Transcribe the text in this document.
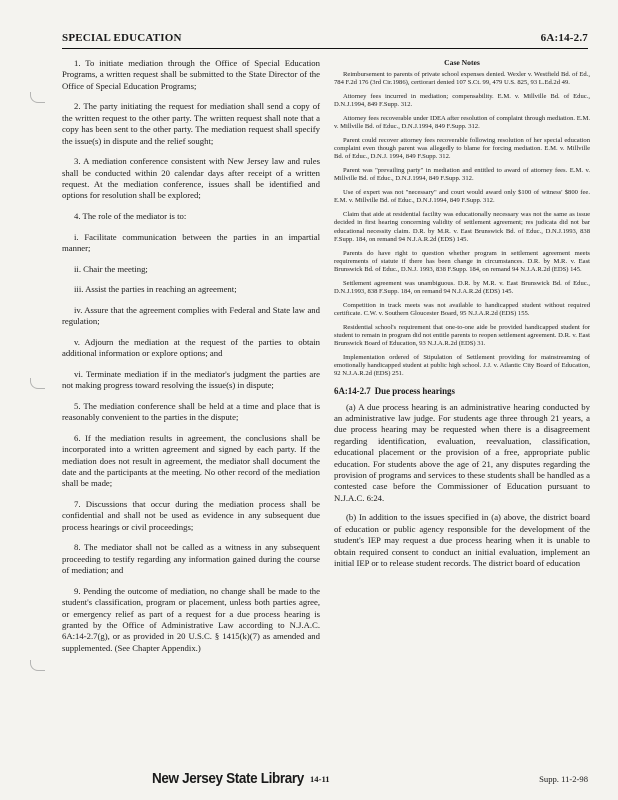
SPECIAL EDUCATION	6A:14-2.7

1. To initiate mediation through the Office of Special Education Programs, a written request shall be submitted to the State Director of the Office of Special Education Programs;

2. The party initiating the request for mediation shall send a copy of the written request to the other party. The written request shall note that a copy has been sent to the other party. The mediation request shall specify the issue(s) in dispute and the relief sought;

3. A mediation conference consistent with New Jersey law and rules shall be conducted within 20 calendar days after receipt of a written request. At the mediation conference, issues shall be identified and options for resolution shall be explored;

4. The role of the mediator is to:

i. Facilitate communication between the parties in an impartial manner;

ii. Chair the meeting;

iii. Assist the parties in reaching an agreement;

iv. Assure that the agreement complies with Federal and State law and regulation;

v. Adjourn the mediation at the request of the parties to obtain additional information or explore options; and

vi. Terminate mediation if in the mediator's judgment the parties are not making progress toward resolving the issue(s) in dispute;

5. The mediation conference shall be held at a time and place that is reasonably convenient to the parties in the dispute;

6. If the mediation results in agreement, the conclusions shall be incorporated into a written agreement and signed by each party. If the mediation does not result in agreement, the mediator shall document the date and the participants at the meeting. No other record of the mediation shall be made;

7. Discussions that occur during the mediation process shall be confidential and shall not be used as evidence in any subsequent due process hearings or civil proceedings;

8. The mediator shall not be called as a witness in any subsequent proceeding to testify regarding any information gained during the course of mediation; and

9. Pending the outcome of mediation, no change shall be made to the student's classification, program or placement, unless both parties agree, or emergency relief as part of a request for a due process hearing is granted by the Office of Administrative Law according to N.J.A.C. 6A:14-2.7(g), or as provided in 20 U.S.C. § 1415(k)(7) as amended and supplemented. (See Chapter Appendix.)

Case Notes

Reimbursement to parents of private school expenses denied. Wexler v. Westfield Bd. of Ed., 784 F.2d 176 (3rd Cir.1986), certiorari denied 107 S.Ct. 99, 479 U.S. 825, 93 L.Ed.2d 49.

Attorney fees incurred in mediation; compensability. E.M. v. Millville Bd. of Educ., D.N.J.1994, 849 F.Supp. 312.

Attorney fees recoverable under IDEA after resolution of complaint through mediation. E.M. v. Millville Bd. of Educ., D.N.J.1994, 849 F.Supp. 312.

Parent could recover attorney fees recoverable following resolution of her special education complaint even though parent was allegedly to blame for forcing mediation. E.M. v. Millville Bd. of Educ., D.N.J. 1994, 849 F.Supp. 312.

Parent was "prevailing party" in mediation and entitled to award of attorney fees. E.M. v. Millville Bd. of Educ., D.N.J.1994, 849 F.Supp. 312.

Use of expert was not "necessary" and court would award only $100 of witness' $800 fee. E.M. v. Millville Bd. of Educ., D.N.J.1994, 849 F.Supp. 312.

Claim that aide at residential facility was educationally necessary was not the same as issue decided in first hearing concerning validity of settlement agreement; res judicata did not bar educational necessity claim. D.R. by M.R. v. East Brunswick Bd. of Educ., D.N.J.1993, 838 F.Supp. 184, on remand 94 N.J.A.R.2d (EDS) 145.

Parents do have right to question whether program in settlement agreement meets requirements of statute if there has been change in circumstances. D.R. by M.R. v. East Brunswick Bd. of Educ., D.N.J. 1993, 838 F.Supp. 184, on remand 94 N.J.A.R.2d (EDS) 145.

Settlement agreement was unambiguous. D.R. by M.R. v. East Brunswick Bd. of Educ., D.N.J.1993, 838 F.Supp. 184, on remand 94 N.J.A.R.2d (EDS) 145.

Competition in track meets was not available to handicapped student without required certificate. C.W. v. Southern Gloucester Board, 95 N.J.A.R.2d (EDS) 155.

Residential school's requirement that one-to-one aide be provided handicapped student for student to remain in program did not entitle parents to reopen settlement agreement. D.R. v. East Brunswick Board of Education, 93 N.J.A.R.2d (EDS) 31.

Implementation ordered of Stipulation of Settlement providing for mainstreaming of emotionally handicapped student at public high school. J.J. v. Atlantic City Board of Education, 92 N.J.A.R.2d (EDS) 251.

6A:14-2.7 Due process hearings

(a) A due process hearing is an administrative hearing conducted by an administrative law judge. For students age three through 21 years, a due process hearing may be requested when there is a disagreement regarding identification, evaluation, reevaluation, classification, educational placement or the provision of a free, appropriate public education. For students above the age of 21, any disputes regarding the provision of programs and services to these students shall be handled as a contested case before the Commissioner of Education pursuant to N.J.A.C. 6:24.

(b) In addition to the issues specified in (a) above, the district board of education or public agency responsible for the development of the student's IEP may request a due process hearing when it is unable to obtain required consent to conduct an initial evaluation, implement an initial IEP or to release student records. The district board of education

New Jersey State Library 14-11	Supp. 11-2-98
